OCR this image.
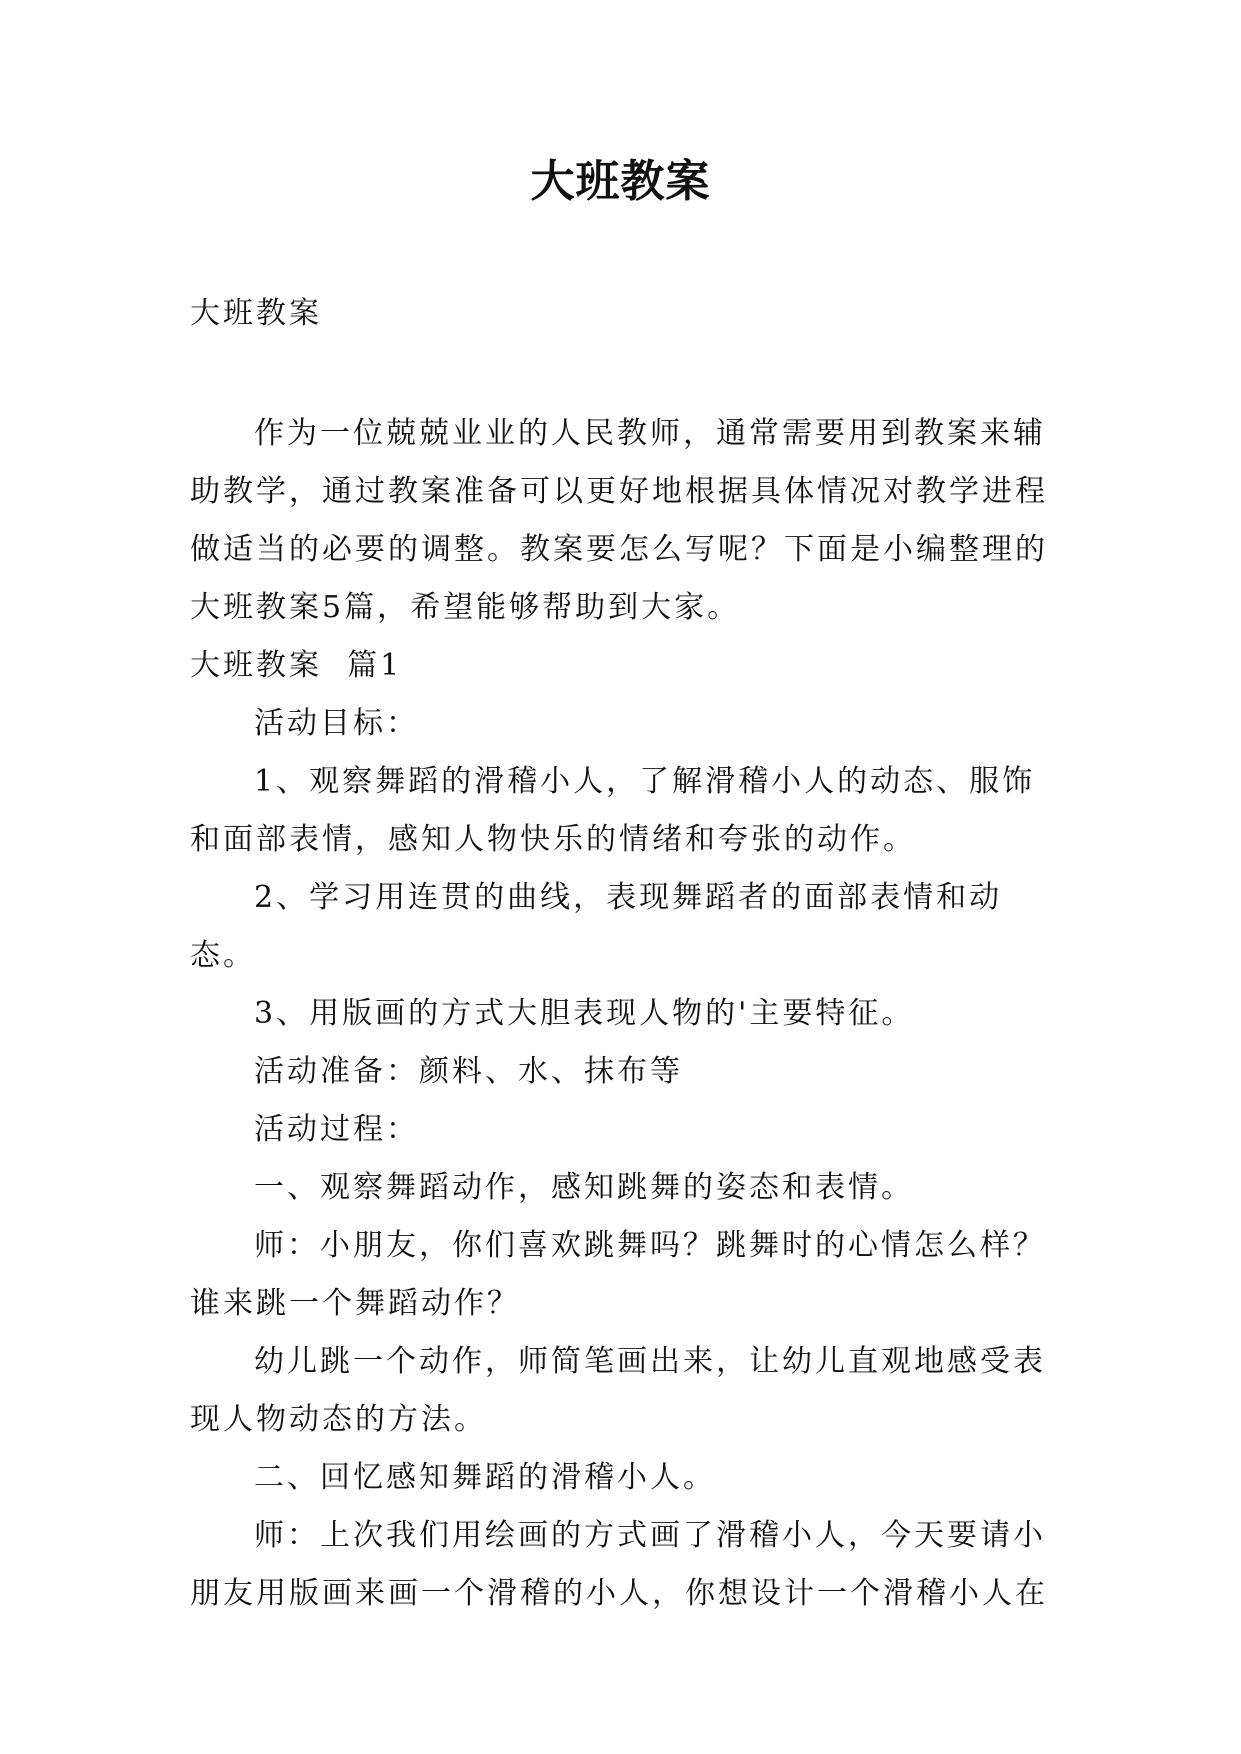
大班教案
大班教案

作为一位兢兢业业的人民教师，通常需要用到教案来辅助教学，通过教案准备可以更好地根据具体情况对教学进程做适当的必要的调整。教案要怎么写呢？下面是小编整理的大班教案5篇，希望能够帮助到大家。

大班教案  篇1

活动目标：

1、观察舞蹈的滑稽小人，了解滑稽小人的动态、服饰和面部表情，感知人物快乐的情绪和夸张的动作。

2、学习用连贯的曲线，表现舞蹈者的面部表情和动态。

3、用版画的方式大胆表现人物的'主要特征。

活动准备：颜料、水、抹布等

活动过程：

一、观察舞蹈动作，感知跳舞的姿态和表情。

师：小朋友，你们喜欢跳舞吗？跳舞时的心情怎么样？谁来跳一个舞蹈动作？

幼儿跳一个动作，师简笔画出来，让幼儿直观地感受表现人物动态的方法。

二、回忆感知舞蹈的滑稽小人。

师：上次我们用绘画的方式画了滑稽小人，今天要请小朋友用版画来画一个滑稽的小人，你想设计一个滑稽小人在
